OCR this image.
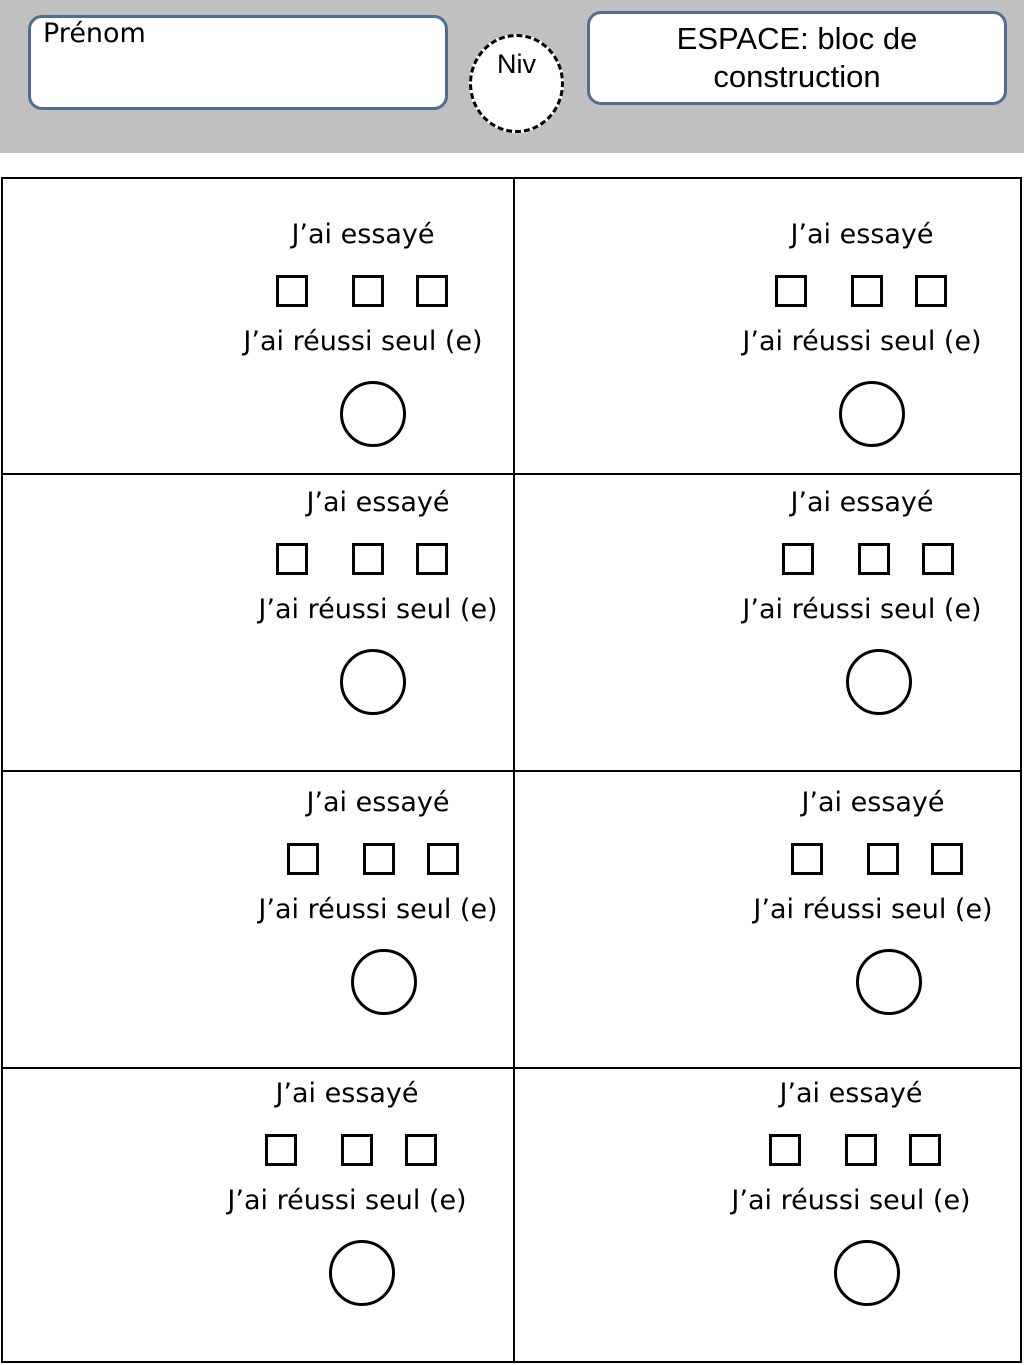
Prénom
Niv
ESPACE: bloc de construction
J’ai essayé
J’ai réussi seul (e)
J’ai essayé
J’ai réussi seul (e)
J’ai essayé
J’ai réussi seul (e)
J’ai essayé
J’ai réussi seul (e)
J’ai essayé
J’ai réussi seul (e)
J’ai essayé
J’ai réussi seul (e)
J’ai essayé
J’ai réussi seul (e)
J’ai essayé
J’ai réussi seul (e)
